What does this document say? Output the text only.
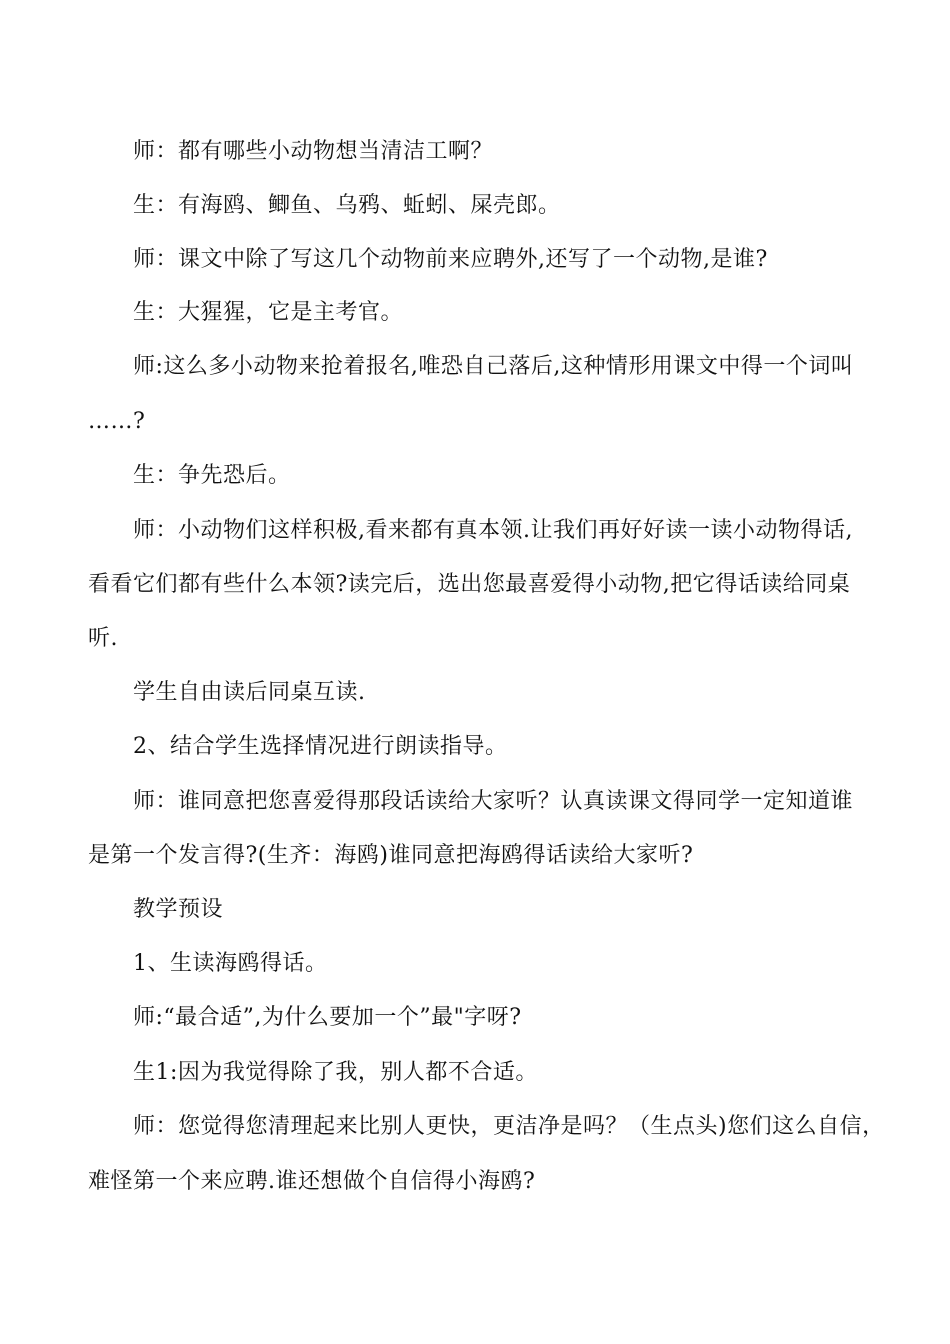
师：都有哪些小动物想当清洁工啊？
生：有海鸥、鲫鱼、乌鸦、蚯蚓、屎壳郎。
师：课文中除了写这几个动物前来应聘外,还写了一个动物,是谁?
生：大猩猩，它是主考官。
师:这么多小动物来抢着报名,唯恐自己落后,这种情形用课文中得一个词叫
……?
生：争先恐后。
师：小动物们这样积极,看来都有真本领.让我们再好好读一读小动物得话,
看看它们都有些什么本领?读完后，选出您最喜爱得小动物,把它得话读给同桌
听.
学生自由读后同桌互读.
2、结合学生选择情况进行朗读指导。
师：谁同意把您喜爱得那段话读给大家听？认真读课文得同学一定知道谁
是第一个发言得?(生齐：海鸥)谁同意把海鸥得话读给大家听?
教学预设
1、生读海鸥得话。
师:“最合适”,为什么要加一个”最"字呀?
生1:因为我觉得除了我，别人都不合适。
师：您觉得您清理起来比别人更快，更洁净是吗？（生点头)您们这么自信，
难怪第一个来应聘.谁还想做个自信得小海鸥?
